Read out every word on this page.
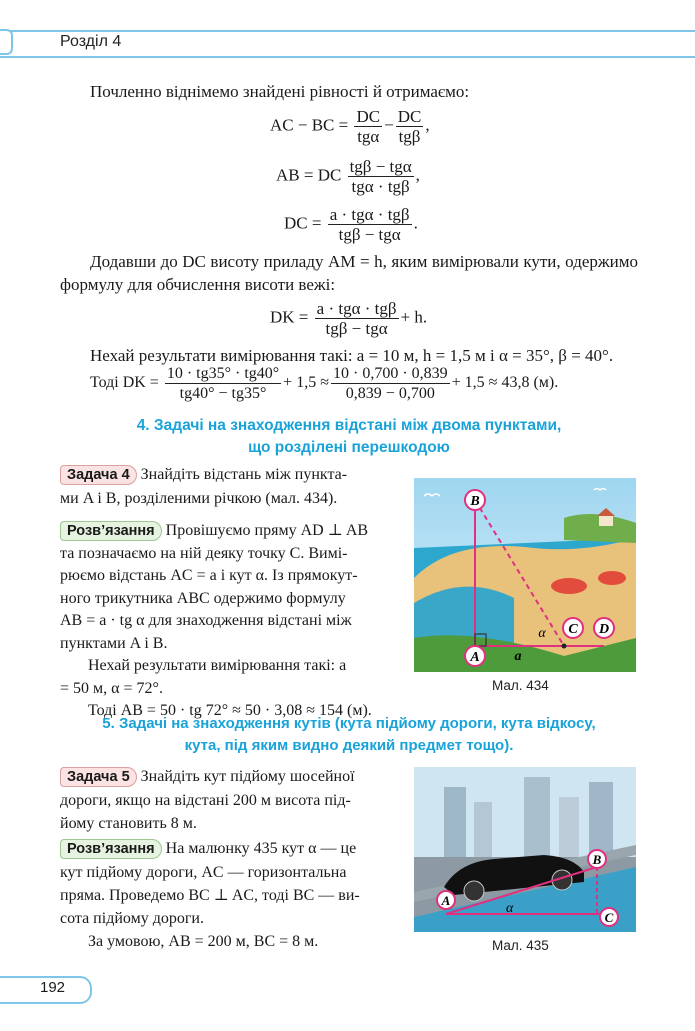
Розділ 4
Почленно віднімемо знайдені рівності й отримаємо:
AC − BC = $\frac{DC}{\text{tgα}} - \frac{DC}{\text{tgβ}}$ ,
AB = DC $\frac{\text{tgβ − tgα}}{\text{tgα · tgβ}}$ ,
DC = $\frac{\text{a · tgα · tgβ}}{\text{tgβ − tgα}}$ .
Додавши до DC висоту приладу AM = h, яким вимірювали кути, одержимо формулу для обчислення висоти вежі:
DK = $\frac{\text{a · tgα · tgβ}}{\text{tgβ − tgα}} + h$.
Нехай результати вимірювання такі: a = 10 м, h = 1,5 м і α = 35°, β = 40°.
Тоді DK = $\frac{10 \cdot tg35^\circ \cdot tg40^\circ}{tg40^\circ - tg35^\circ} + 1,5 \approx \frac{10 \cdot 0,700 \cdot 0,839}{0,839 - 0,700} + 1,5 \approx 43,8$ (м).
4. Задачі на знаходження відстані між двома пунктами,
що розділені перешкодою
Задача 4 Знайдіть відстань між пункта-
ми A і B, розділеними річкою (мал. 434).
Розв’язання Провішуємо пряму AD ⊥ AB
та позначаємо на ній деяку точку C. Вимі-
рюємо відстань AC = a і кут α. Із прямокут-
ного трикутника ABC одержимо формулу
AB = a · tg α для знаходження відстані між
пунктами A і B.
Нехай результати вимірювання такі: a
= 50 м, α = 72°.
Тоді AB = 50 · tg 72° ≈ 50 · 3,08 ≈ 154 (м).
B
A
C D
a
α
Мал. 434
5. Задачі на знаходження кутів (кута підйому дороги, кута відкосу,
кута, під яким видно деякий предмет тощо).
Задача 5 Знайдіть кут підйому шосейної
дороги, якщо на відстані 200 м висота під-
йому становить 8 м.
Розв’язання На малюнку 435 кут α — це
кут підйому дороги, AC — горизонтальна
пряма. Проведемо BC ⊥ AC, тоді BC — ви-
сота підйому дороги.
За умовою, AB = 200 м, BC = 8 м.
A
B
C
α
Мал. 435
192
